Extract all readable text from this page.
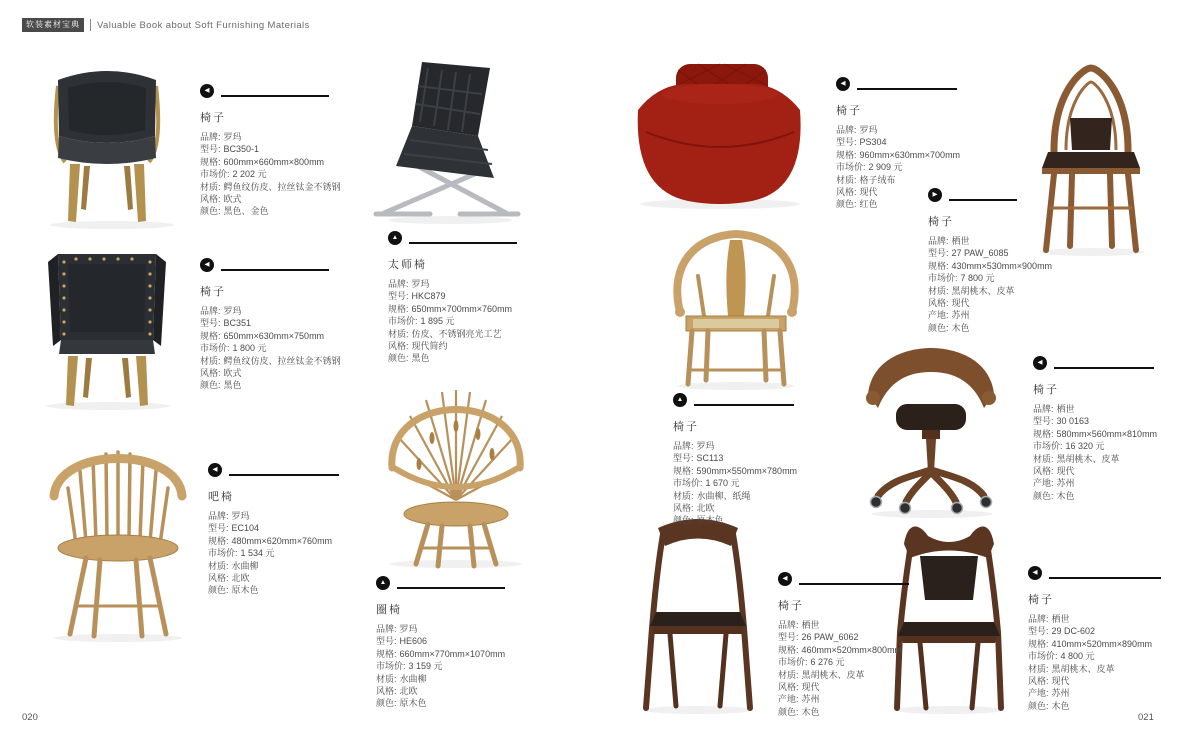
软装素材宝典	Valuable Book about Soft Furnishing Materials
◀
椅子
品牌: 罗玛
型号: BC350-1
规格: 600mm×660mm×800mm
市场价: 2 202 元
材质: 鳄鱼纹仿皮、拉丝钛金不锈钢
风格: 欧式
颜色: 黑色、金色
◀
椅子
品牌: 罗玛
型号: BC351
规格: 650mm×630mm×750mm
市场价: 1 800 元
材质: 鳄鱼纹仿皮、拉丝钛金不锈钢
风格: 欧式
颜色: 黑色
◀
吧椅
品牌: 罗玛
型号: EC104
规格: 480mm×620mm×760mm
市场价: 1 534 元
材质: 水曲柳
风格: 北欧
颜色: 原木色
▲
太师椅
品牌: 罗玛
型号: HKC879
规格: 650mm×700mm×760mm
市场价: 1 895 元
材质: 仿皮、不锈钢亮光工艺
风格: 现代简约
颜色: 黑色
▲
圈椅
品牌: 罗玛
型号: HE606
规格: 660mm×770mm×1070mm
市场价: 3 159 元
材质: 水曲柳
风格: 北欧
颜色: 原木色
◀
椅子
品牌: 罗玛
型号: PS304
规格: 960mm×630mm×700mm
市场价: 2 909 元
材质: 格子绒布
风格: 现代
颜色: 红色
▶
椅子
品牌: 栖世
型号: 27 PAW_6085
规格: 430mm×530mm×900mm
市场价: 7 800 元
材质: 黑胡桃木、皮革
风格: 现代
产地: 苏州
颜色: 木色
▲
椅子
品牌: 罗玛
型号: SC113
规格: 590mm×550mm×780mm
市场价: 1 670 元
材质: 水曲柳、纸绳
风格: 北欧
颜色: 原木色
◀
椅子
品牌: 栖世
型号: 30 0163
规格: 580mm×560mm×810mm
市场价: 16 320 元
材质: 黑胡桃木、皮革
风格: 现代
产地: 苏州
颜色: 木色
◀
椅子
品牌: 栖世
型号: 26 PAW_6062
规格: 460mm×520mm×800mm
市场价: 6 276 元
材质: 黑胡桃木、皮革
风格: 现代
产地: 苏州
颜色: 木色
◀
椅子
品牌: 栖世
型号: 29 DC-602
规格: 410mm×520mm×890mm
市场价: 4 800 元
材质: 黑胡桃木、皮革
风格: 现代
产地: 苏州
颜色: 木色
020	021
